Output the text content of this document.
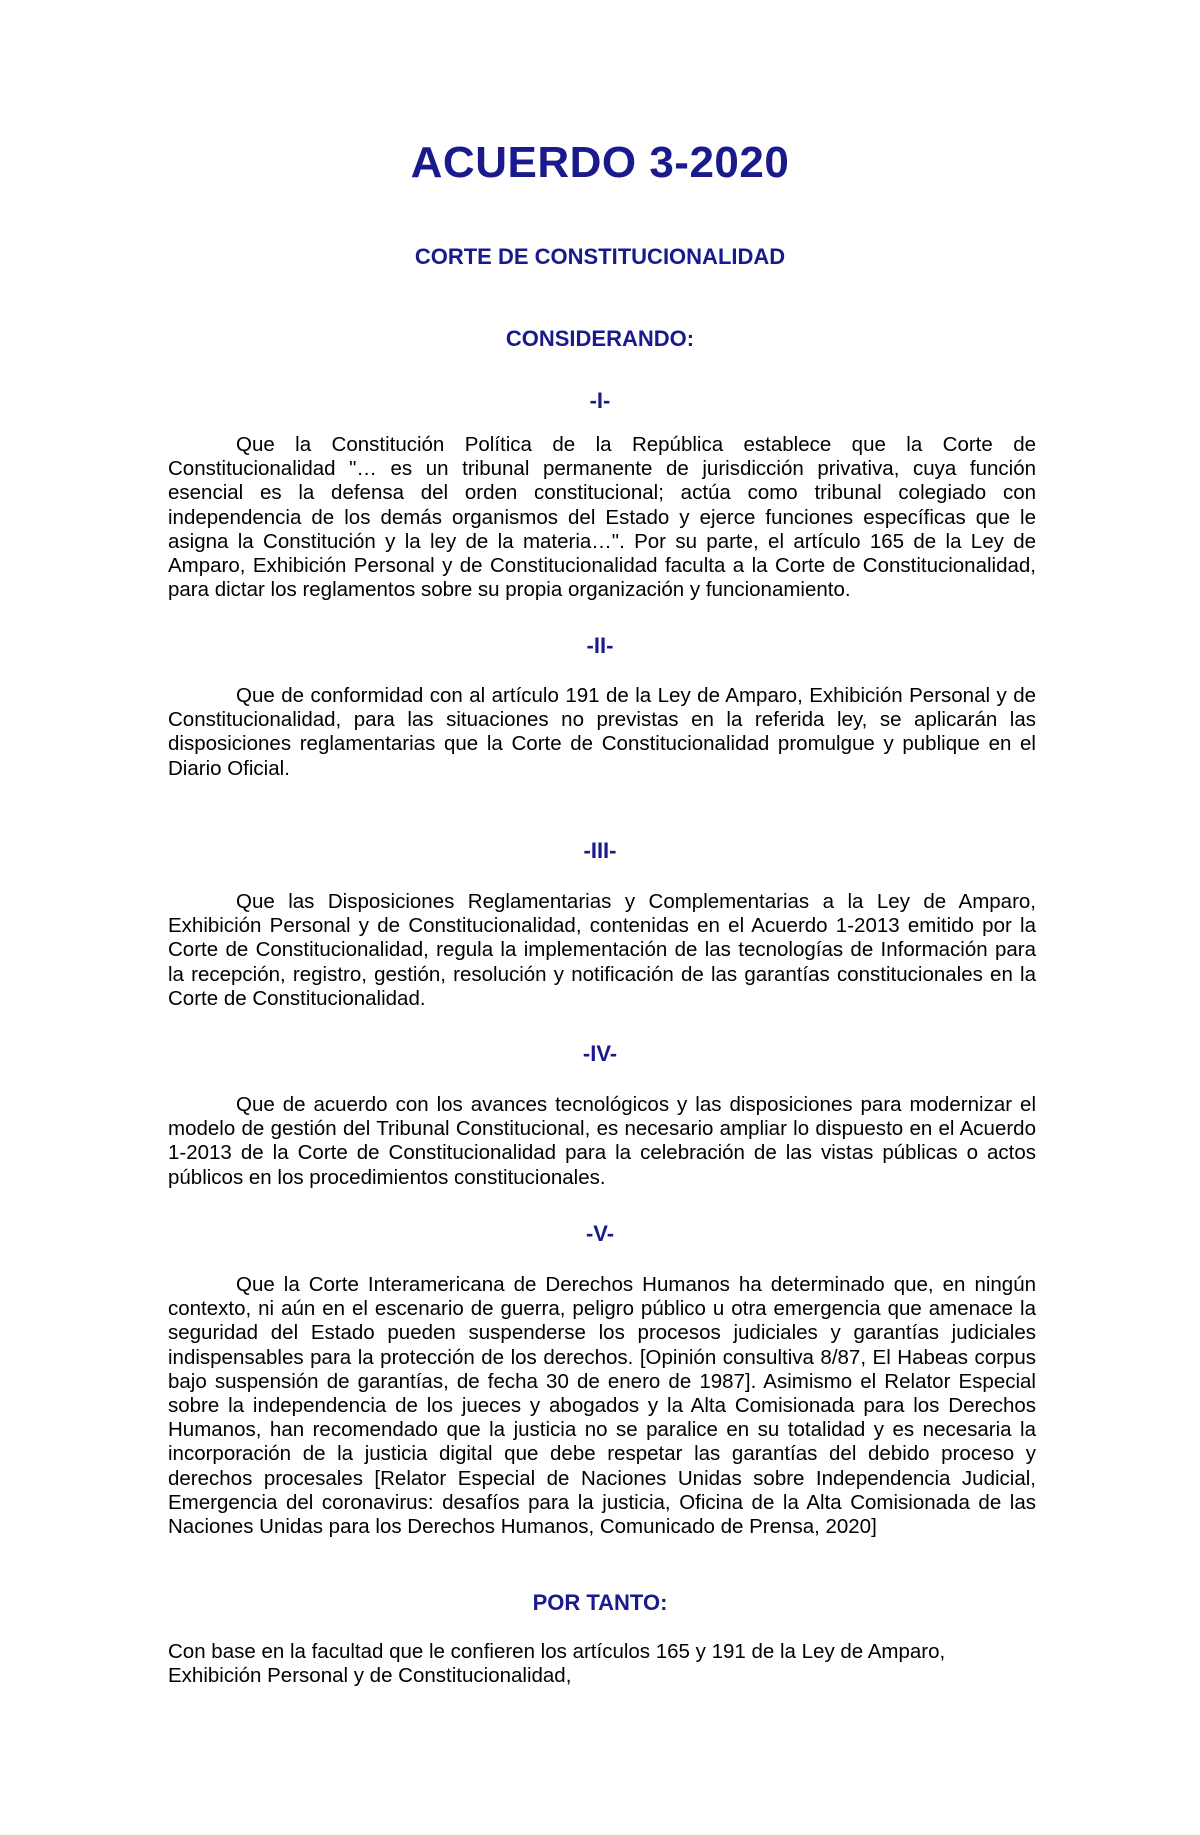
ACUERDO 3-2020
CORTE DE CONSTITUCIONALIDAD
CONSIDERANDO:
-I-
Que la Constitución Política de la República establece que la Corte de Constitucionalidad "… es un tribunal permanente de jurisdicción privativa, cuya función esencial es la defensa del orden constitucional; actúa como tribunal colegiado con independencia de los demás organismos del Estado y ejerce funciones específicas que le asigna la Constitución y la ley de la materia…". Por su parte, el artículo 165 de la Ley de Amparo, Exhibición Personal y de Constitucionalidad faculta a la Corte de Constitucionalidad, para dictar los reglamentos sobre su propia organización y funcionamiento.
-II-
Que de conformidad con al artículo 191 de la Ley de Amparo, Exhibición Personal y de Constitucionalidad, para las situaciones no previstas en la referida ley, se aplicarán las disposiciones reglamentarias que la Corte de Constitucionalidad promulgue y publique en el Diario Oficial.
-III-
Que las Disposiciones Reglamentarias y Complementarias a la Ley de Amparo, Exhibición Personal y de Constitucionalidad, contenidas en el Acuerdo 1-2013 emitido por la Corte de Constitucionalidad, regula la implementación de las tecnologías de Información para la recepción, registro, gestión, resolución y notificación de las garantías constitucionales en la Corte de Constitucionalidad.
-IV-
Que de acuerdo con los avances tecnológicos y las disposiciones para modernizar el modelo de gestión del Tribunal Constitucional, es necesario ampliar lo dispuesto en el Acuerdo 1-2013 de la Corte de Constitucionalidad para la celebración de las vistas públicas o actos públicos en los procedimientos constitucionales.
-V-
Que la Corte Interamericana de Derechos Humanos ha determinado que, en ningún contexto, ni aún en el escenario de guerra, peligro público u otra emergencia que amenace la seguridad del Estado pueden suspenderse los procesos judiciales y garantías judiciales indispensables para la protección de los derechos. [Opinión consultiva 8/87, El Habeas corpus bajo suspensión de garantías, de fecha 30 de enero de 1987]. Asimismo el Relator Especial sobre la independencia de los jueces y abogados y la Alta Comisionada para los Derechos Humanos, han recomendado que la justicia no se paralice en su totalidad y es necesaria la incorporación de la justicia digital que debe respetar las garantías del debido proceso y derechos procesales [Relator Especial de Naciones Unidas sobre Independencia Judicial, Emergencia del coronavirus: desafíos para la justicia, Oficina de la Alta Comisionada de las Naciones Unidas para los Derechos Humanos, Comunicado de Prensa, 2020]
POR TANTO:
Con base en la facultad que le confieren los artículos 165 y 191 de la Ley de Amparo, Exhibición Personal y de Constitucionalidad,
